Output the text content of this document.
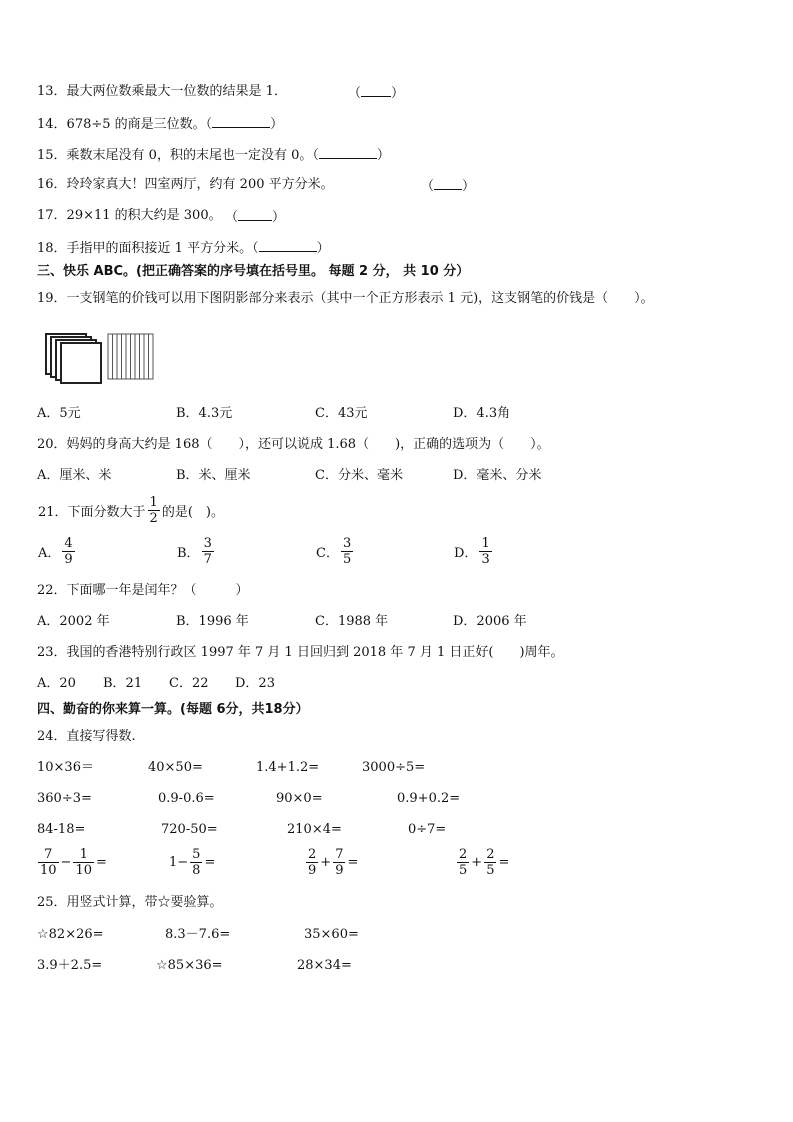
13．最大两位数乘最大一位数的结果是 1．	（ ）
14．678÷5 的商是三位数。（	）
15．乘数末尾没有 0，积的末尾也一定没有 0。（	）
16．玲玲家真大！四室两厅，约有 200 平方分米。	（ ）
17．29×11 的积大约是 300。 （	）
18．手指甲的面积接近 1 平方分米。（	）
三、快乐 ABC。(把正确答案的序号填在括号里。 每题 2 分， 共 10 分）
19．一支钢笔的价钱可以用下图阴影部分来表示（其中一个正方形表示 1 元)，这支钢笔的价钱是（　　）。
A．5元	B．4.3元	C．43元	D．4.3角
20．妈妈的身高大约是 168（　　），还可以说成 1.68（　　)，正确的选项为（　　）。
A．厘米、米	B．米、厘米	C．分米、毫米	D．毫米、分米
21．下面分数大于 $\frac{1}{2}$ 的是(　)。
A． $\frac{4}{9}$	B． $\frac{3}{7}$	C． $\frac{3}{5}$	D． $\frac{1}{3}$
22．下面哪一年是闰年？（　　　）
A．2002 年	B．1996 年	C．1988 年	D．2006 年
23．我国的香港特别行政区 1997 年 7 月 1 日回归到 2018 年 7 月 1 日正好(　　)周年。
A．20 B．21 C．22 D．23
四、勤奋的你来算一算。(每题 6分，共18分）
24．直接写得数.
10×36＝	40×50=	1.4+1.2=	3000÷5=
360÷3=	0.9-0.6=	90×0=	0.9+0.2=
84-18=	720-50=	210×4=	0÷7=
$\frac{7}{10} - \frac{1}{10}$ =	$1- \frac{5}{8}$ =	$\frac{2}{9} + \frac{7}{9}$ =	$\frac{2}{5} + \frac{2}{5}$ =
25．用竖式计算，带☆要验算。
☆82×26=	8.3－7.6=	35×60=
3.9＋2.5=	☆85×36=	28×34=
